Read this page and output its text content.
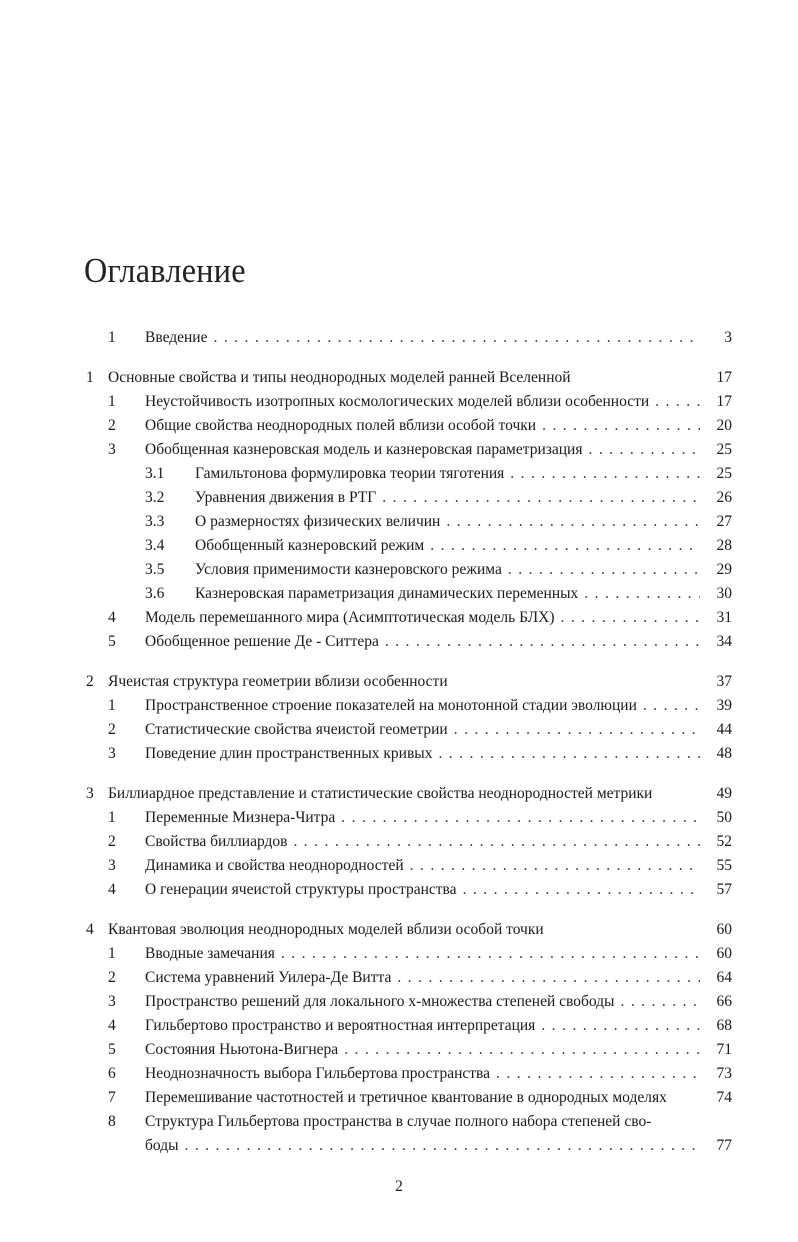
Оглавление
1	Введение . . .	3
1 Основные свойства и типы неоднородных моделей ранней Вселенной	17
1	Неустойчивость изотропных космологических моделей вблизи особенности . . .	17
2	Общие свойства неоднородных полей вблизи особой точки . . .	20
3	Обобщенная казнеровская модель и казнеровская параметризация . . .	25
3.1	Гамильтонова формулировка теории тяготения . . .	25
3.2	Уравнения движения в РТГ . . .	26
3.3	О размерностях физических величин . . .	27
3.4	Обобщенный казнеровский режим . . .	28
3.5	Условия применимости казнеровского режима . . .	29
3.6	Казнеровская параметризация динамических переменных . . .	30
4	Модель перемешанного мира (Асимптотическая модель БЛХ) . . .	31
5	Обобщенное решение Де - Ситтера . . .	34
2 Ячеистая структура геометрии вблизи особенности	37
1	Пространственное строение показателей на монотонной стадии эволюции . . .	39
2	Статистические свойства ячеистой геометрии . . .	44
3	Поведение длин пространственных кривых . . .	48
3 Биллиардное представление и статистические свойства неоднородностей метрики	49
1	Переменные Мизнера-Читра . . .	50
2	Свойства биллиардов . . .	52
3	Динамика и свойства неоднородностей . . .	55
4	О генерации ячеистой структуры пространства . . .	57
4 Квантовая эволюция неоднородных моделей вблизи особой точки	60
1	Вводные замечания . . .	60
2	Система уравнений Уилера-Де Витта . . .	64
3	Пространство решений для локального x-множества степеней свободы . . .	66
4	Гильбертово пространство и вероятностная интерпретация . . .	68
5	Состояния Ньютона-Вигнера . . .	71
6	Неоднозначность выбора Гильбертова пространства . . .	73
7	Перемешивание частотностей и третичное квантование в однородных моделях	74
8	Структура Гильбертова пространства в случае полного набора степеней сво-
боды . . .	77
2
